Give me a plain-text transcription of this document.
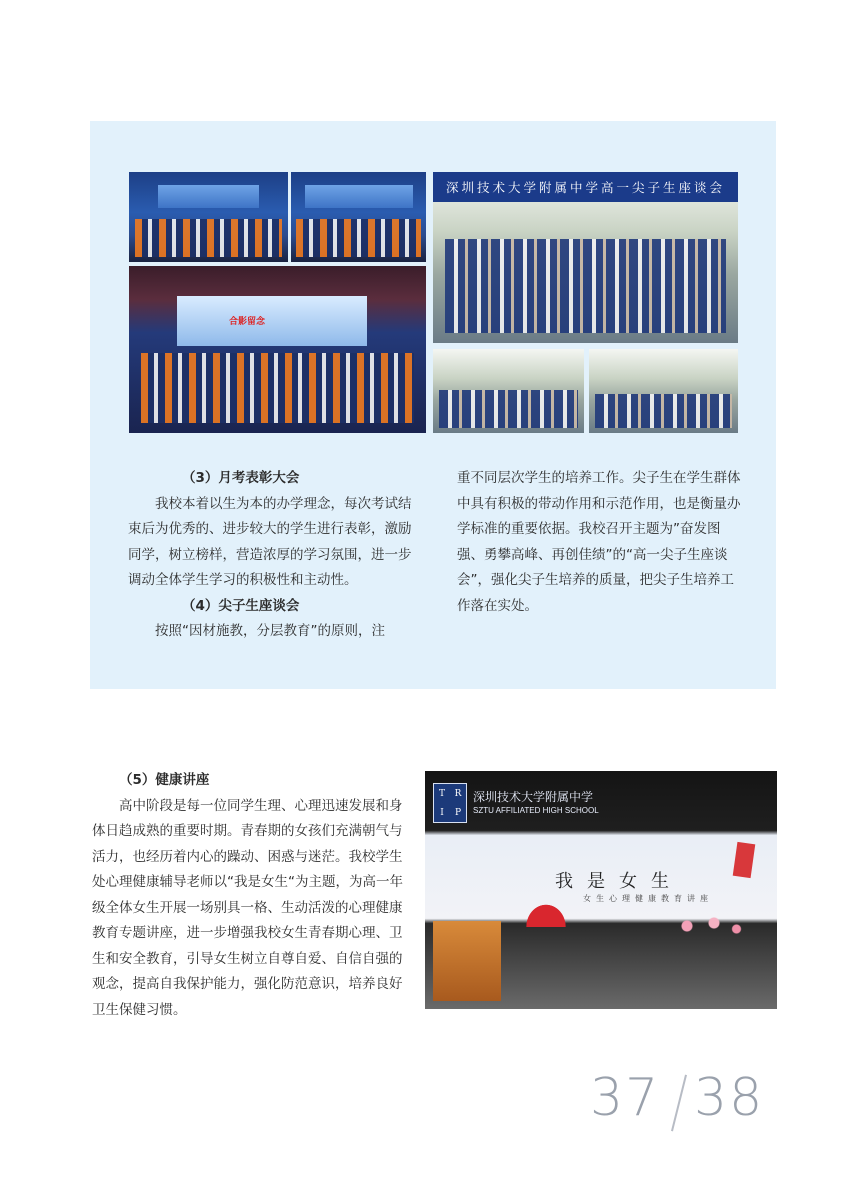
合影留念
深圳技术大学附属中学高一尖子生座谈会

（3）月考表彰大会

我校本着以生为本的办学理念，每次考试结束后为优秀的、进步较大的学生进行表彰，激励同学，树立榜样，营造浓厚的学习氛围，进一步调动全体学生学习的积极性和主动性。

（4）尖子生座谈会

按照“因材施教，分层教育”的原则，注

重不同层次学生的培养工作。尖子生在学生群体中具有积极的带动作用和示范作用，也是衡量办学标准的重要依据。我校召开主题为”奋发图强、勇攀高峰、再创佳绩”的“高一尖子生座谈会”，强化尖子生培养的质量，把尖子生培养工作落在实处。

（5）健康讲座

高中阶段是每一位同学生理、心理迅速发展和身体日趋成熟的重要时期。青春期的女孩们充满朝气与活力，也经历着内心的躁动、困惑与迷茫。我校学生处心理健康辅导老师以“我是女生“为主题，为高一年级全体女生开展一场别具一格、生动活泼的心理健康教育专题讲座，进一步增强我校女生青春期心理、卫生和安全教育，引导女生树立自尊自爱、自信自强的观念，提高自我保护能力，强化防范意识，培养良好卫生保健习惯。

T R
I P
深圳技术大学附属中学
SZTU AFFILIATED HIGH SCHOOL
我是女生
女生心理健康教育讲座
37 38
